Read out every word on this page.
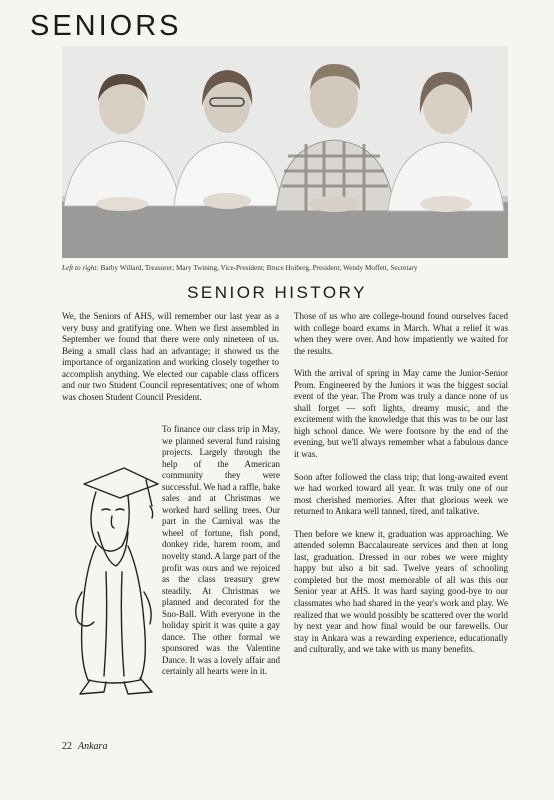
SENIORS
Left to right: Barby Willard, Treasurer; Mary Twining, Vice-President; Bruce Hoiberg, President; Wendy Moffett, Secretary
SENIOR HISTORY

We, the Seniors of AHS, will remember our last year as a very busy and gratifying one. When we first assembled in September we found that there were only nineteen of us. Being a small class had an advantage; it showed us the importance of organization and working closely together to accomplish anything. We elected our capable class officers and our two Student Council representatives; one of whom was chosen Student Council President.

To finance our class trip in May, we planned several fund raising projects. Largely through the help of the American community they were successful. We had a raffle, bake sales and at Christmas we worked hard selling trees. Our part in the Carnival was the wheel of fortune, fish pond, donkey ride, harem room, and novelty stand. A large part of the profit was ours and we rejoiced as the class treasury grew steadily. At Christmas we planned and decorated for the Sno-Ball. With everyone in the holiday spirit it was quite a gay dance. The other formal we sponsored was the Valentine Dance. It was a lovely affair and certainly all hearts were in it.

Those of us who are college-bound found ourselves faced with college board exams in March. What a relief it was when they were over. And how impatiently we waited for the results.

With the arrival of spring in May came the Junior-Senior Prom. Engineered by the Juniors it was the biggest social event of the year. The Prom was truly a dance none of us shall forget — soft lights, dreamy music, and the excitement with the knowledge that this was to be our last high school dance. We were footsore by the end of the evening, but we'll always remember what a fabulous dance it was.

Soon after followed the class trip; that long-awaited event we had worked toward all year. It was truly one of our most cherished memories. After that glorious week we returned to Ankara well tanned, tired, and talkative.

Then before we knew it, graduation was approaching. We attended solemn Baccalaureate services and then at long last, graduation. Dressed in our robes we were mighty happy but also a bit sad. Twelve years of schooling completed but the most memorable of all was this our Senior year at AHS. It was hard saying good-bye to our classmates who had shared in the year's work and play. We realized that we would possibly be scattered over the world by next year and how final would be our farewells. Our stay in Ankara was a rewarding experience, educationally and culturally, and we take with us many benefits.

22 Ankara
